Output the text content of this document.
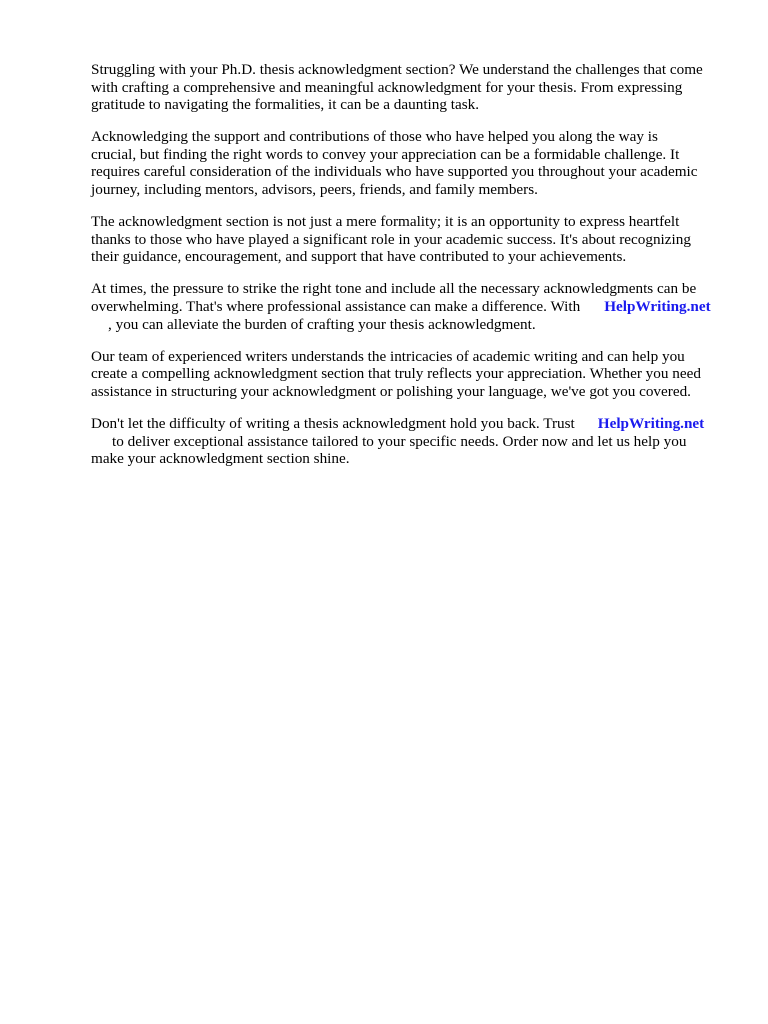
Struggling with your Ph.D. thesis acknowledgment section? We understand the challenges that come
with crafting a comprehensive and meaningful acknowledgment for your thesis. From expressing
gratitude to navigating the formalities, it can be a daunting task.

Acknowledging the support and contributions of those who have helped you along the way is
crucial, but finding the right words to convey your appreciation can be a formidable challenge. It
requires careful consideration of the individuals who have supported you throughout your academic
journey, including mentors, advisors, peers, friends, and family members.

The acknowledgment section is not just a mere formality; it is an opportunity to express heartfelt
thanks to those who have played a significant role in your academic success. It's about recognizing
their guidance, encouragement, and support that have contributed to your achievements.

At times, the pressure to strike the right tone and include all the necessary acknowledgments can be
overwhelming. That's where professional assistance can make a difference. With HelpWriting.net
, you can alleviate the burden of crafting your thesis acknowledgment.

Our team of experienced writers understands the intricacies of academic writing and can help you
create a compelling acknowledgment section that truly reflects your appreciation. Whether you need
assistance in structuring your acknowledgment or polishing your language, we've got you covered.

Don't let the difficulty of writing a thesis acknowledgment hold you back. Trust HelpWriting.net
to deliver exceptional assistance tailored to your specific needs. Order now and let us help you
make your acknowledgment section shine.
